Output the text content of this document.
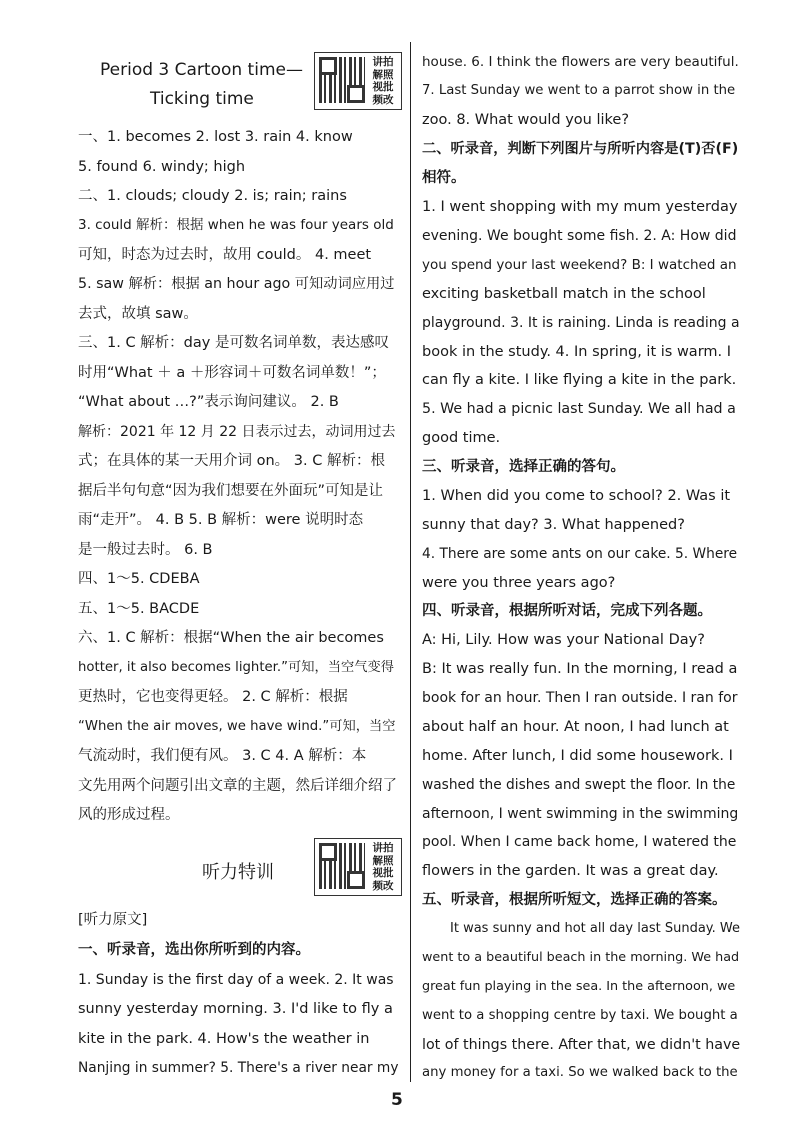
Period 3 Cartoon time—
Ticking time
讲拍解照视批频改
一、1. becomes 2. lost 3. rain 4. know
5. found 6. windy; high
二、1. clouds; cloudy 2. is; rain; rains
3. could 解析：根据 when he was four years old
可知，时态为过去时，故用 could。 4. meet
5. saw 解析：根据 an hour ago 可知动词应用过
去式，故填 saw。
三、1. C 解析：day 是可数名词单数，表达感叹
时用“What ＋ a ＋形容词＋可数名词单数！”；
“What about …?”表示询问建议。 2. B
解析：2021 年 12 月 22 日表示过去，动词用过去
式；在具体的某一天用介词 on。 3. C 解析：根
据后半句句意“因为我们想要在外面玩”可知是让
雨“走开”。 4. B 5. B 解析：were 说明时态
是一般过去时。 6. B
四、1～5. CDEBA
五、1～5. BACDE
六、1. C 解析：根据“When the air becomes
hotter, it also becomes lighter.”可知，当空气变得
更热时，它也变得更轻。 2. C 解析：根据
“When the air moves, we have wind.”可知，当空
气流动时，我们便有风。 3. C 4. A 解析：本
文先用两个问题引出文章的主题，然后详细介绍了
风的形成过程。
听力特训
讲拍解照视批频改
[听力原文]
一、听录音，选出你所听到的内容。
1. Sunday is the first day of a week. 2. It was
sunny yesterday morning. 3. I'd like to fly a
kite in the park. 4. How's the weather in
Nanjing in summer? 5. There's a river near my
house. 6. I think the flowers are very beautiful.
7. Last Sunday we went to a parrot show in the
zoo. 8. What would you like?
二、听录音，判断下列图片与所听内容是(T)否(F)
相符。
1. I went shopping with my mum yesterday
evening. We bought some fish. 2. A: How did
you spend your last weekend? B: I watched an
exciting basketball match in the school
playground. 3. It is raining. Linda is reading a
book in the study. 4. In spring, it is warm. I
can fly a kite. I like flying a kite in the park.
5. We had a picnic last Sunday. We all had a
good time.
三、听录音，选择正确的答句。
1. When did you come to school? 2. Was it
sunny that day? 3. What happened?
4. There are some ants on our cake. 5. Where
were you three years ago?
四、听录音，根据所听对话，完成下列各题。
A: Hi, Lily. How was your National Day?
B: It was really fun. In the morning, I read a
book for an hour. Then I ran outside. I ran for
about half an hour. At noon, I had lunch at
home. After lunch, I did some housework. I
washed the dishes and swept the floor. In the
afternoon, I went swimming in the swimming
pool. When I came back home, I watered the
flowers in the garden. It was a great day.
五、听录音，根据所听短文，选择正确的答案。
It was sunny and hot all day last Sunday. We
went to a beautiful beach in the morning. We had
great fun playing in the sea. In the afternoon, we
went to a shopping centre by taxi. We bought a
lot of things there. After that, we didn't have
any money for a taxi. So we walked back to the
5
